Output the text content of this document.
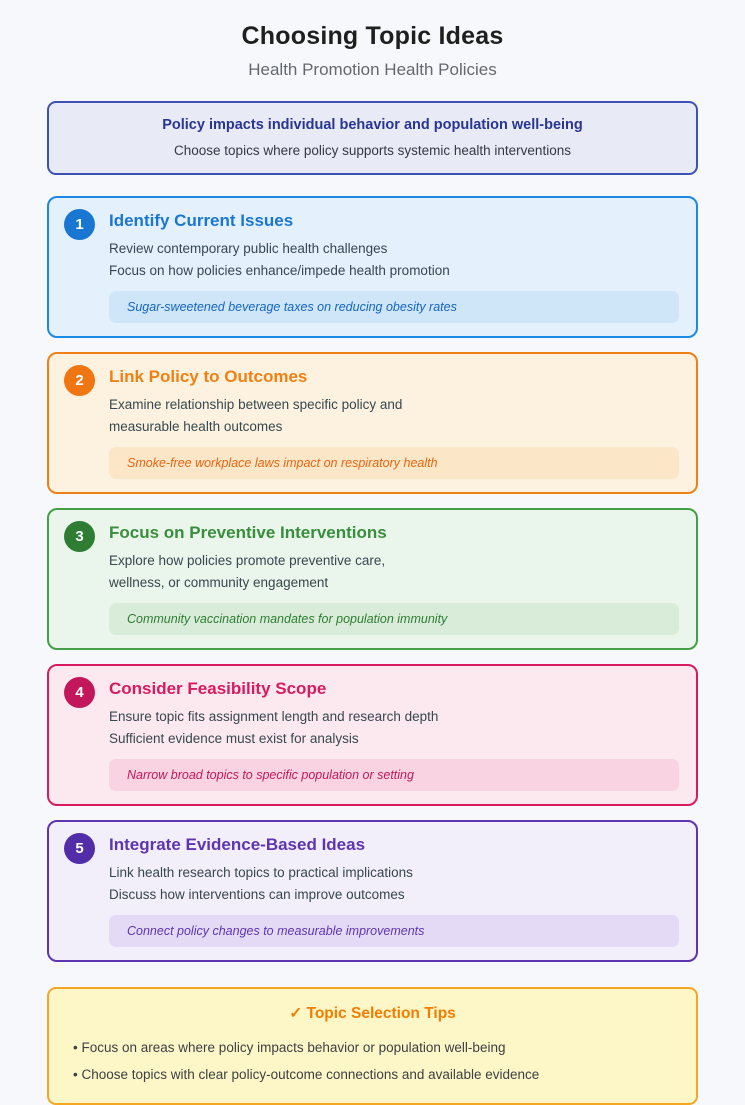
Choosing Topic Ideas
Health Promotion Health Policies
Policy impacts individual behavior and population well-being
Choose topics where policy supports systemic health interventions
1	Identify Current Issues
Review contemporary public health challenges
Focus on how policies enhance/impede health promotion
Sugar-sweetened beverage taxes on reducing obesity rates
2	Link Policy to Outcomes
Examine relationship between specific policy and
measurable health outcomes
Smoke-free workplace laws impact on respiratory health
3	Focus on Preventive Interventions
Explore how policies promote preventive care,
wellness, or community engagement
Community vaccination mandates for population immunity
4	Consider Feasibility Scope
Ensure topic fits assignment length and research depth
Sufficient evidence must exist for analysis
Narrow broad topics to specific population or setting
5	Integrate Evidence-Based Ideas
Link health research topics to practical implications
Discuss how interventions can improve outcomes
Connect policy changes to measurable improvements
✓ Topic Selection Tips
• Focus on areas where policy impacts behavior or population well-being
• Choose topics with clear policy-outcome connections and available evidence
